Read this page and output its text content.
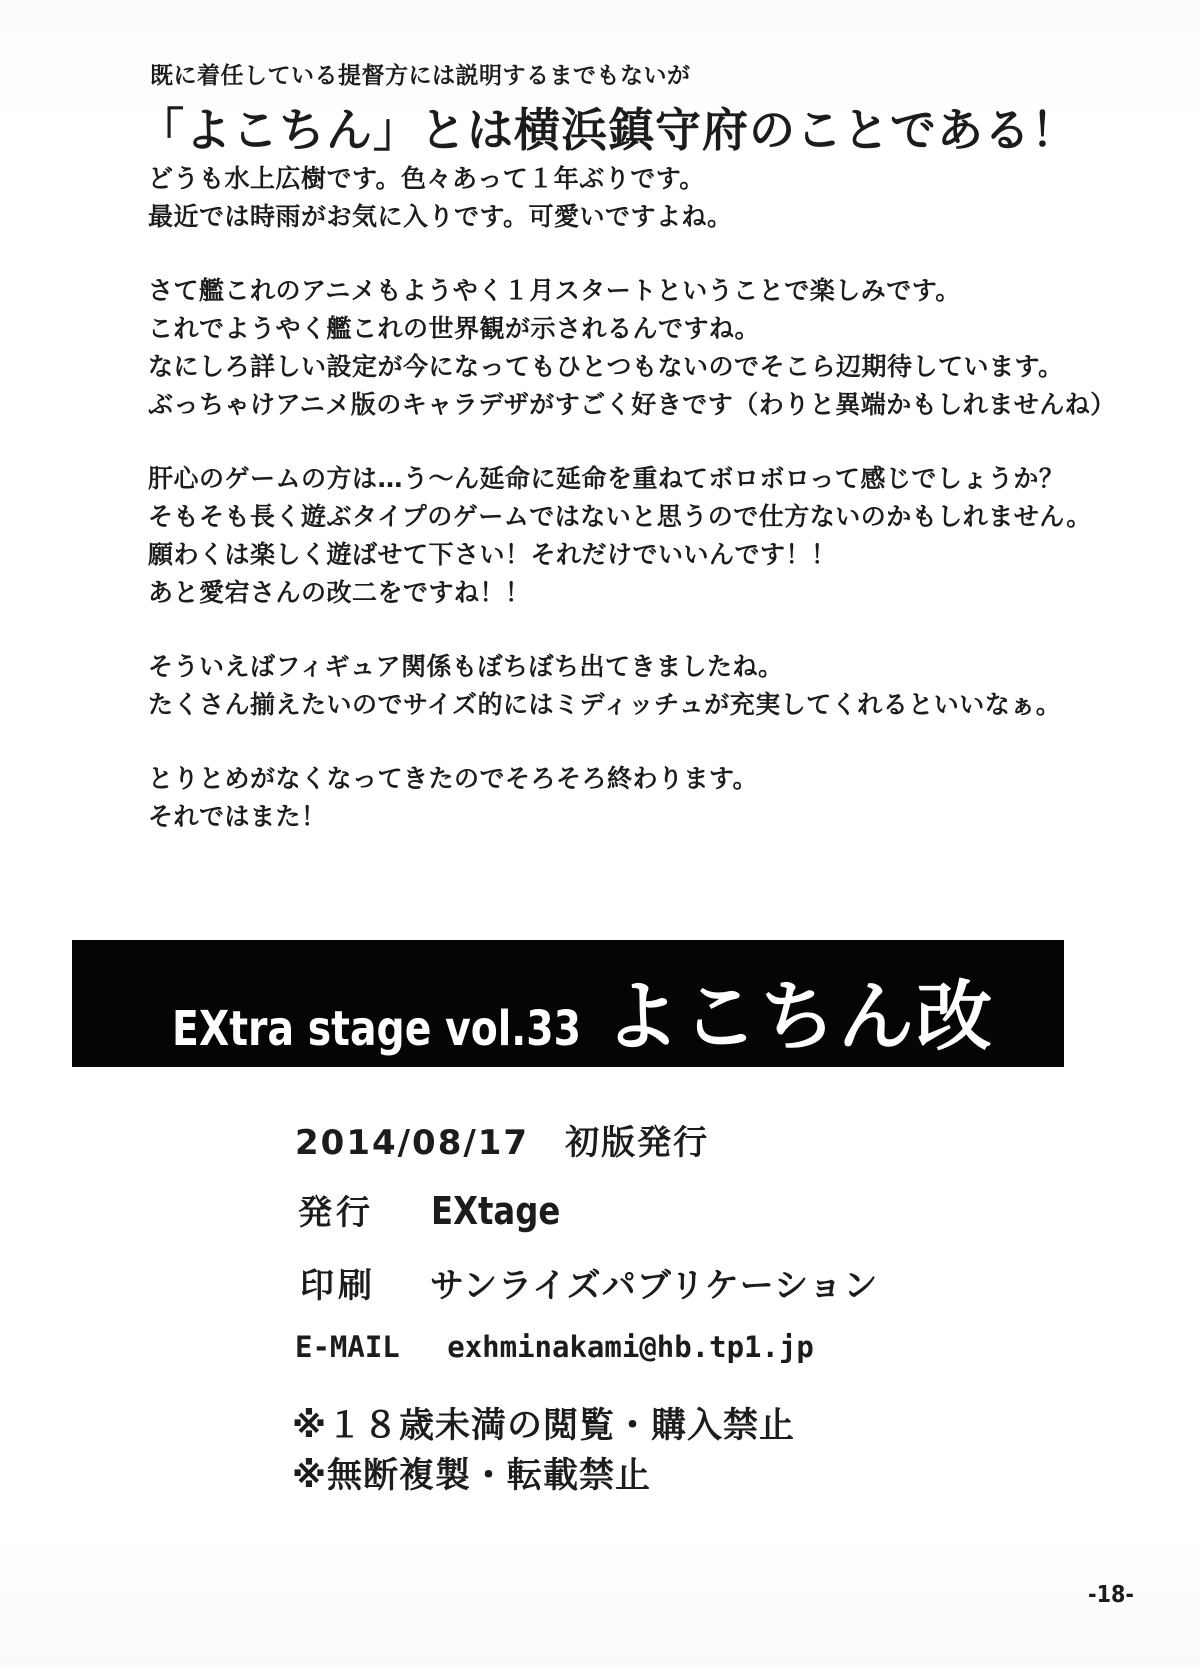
既に着任している提督方には説明するまでもないが
「よこちん」とは横浜鎮守府のことである！
どうも水上広樹です。色々あって１年ぶりです。
最近では時雨がお気に入りです。可愛いですよね。
さて艦これのアニメもようやく１月スタートということで楽しみです。
これでようやく艦これの世界観が示されるんですね。
なにしろ詳しい設定が今になってもひとつもないのでそこら辺期待しています。
ぶっちゃけアニメ版のキャラデザがすごく好きです（わりと異端かもしれませんね）
肝心のゲームの方は…う～ん延命に延命を重ねてボロボロって感じでしょうか？
そもそも長く遊ぶタイプのゲームではないと思うので仕方ないのかもしれません。
願わくは楽しく遊ばせて下さい！それだけでいいんです！！
あと愛宕さんの改二をですね！！
そういえばフィギュア関係もぼちぼち出てきましたね。
たくさん揃えたいのでサイズ的にはミディッチュが充実してくれるといいなぁ。
とりとめがなくなってきたのでそろそろ終わります。
それではまた！
EXtra stage vol.33 よこちん改
2014/08/17　初版発行
発行 EXtage
印刷 サンライズパブリケーション
E-MAIL exhminakami@hb.tp1.jp
※１８歳未満の閲覧・購入禁止
※無断複製・転載禁止
-18-
